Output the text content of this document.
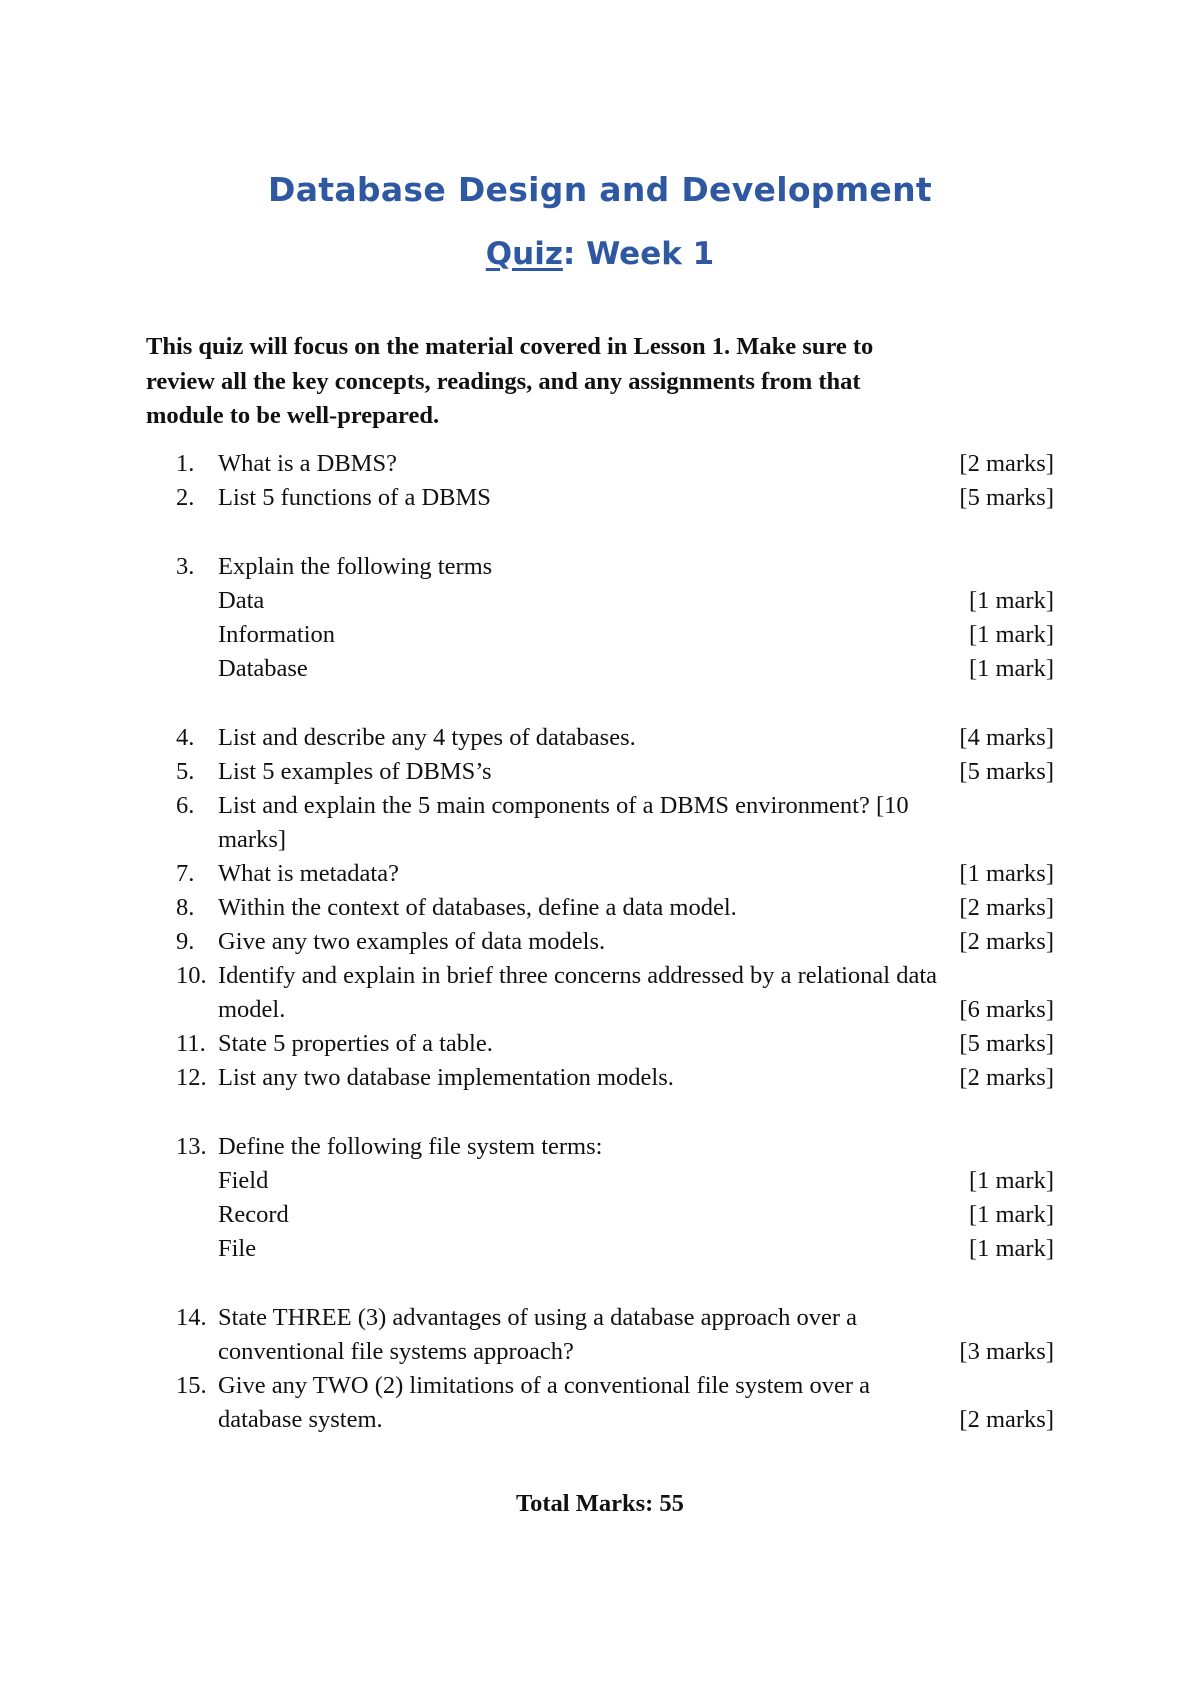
Database Design and Development
Quiz: Week 1
This quiz will focus on the material covered in Lesson 1. Make sure to
review all the key concepts, readings, and any assignments from that
module to be well-prepared.
1. What is a DBMS?	[2 marks]
2. List 5 functions of a DBMS	[5 marks]
3. Explain the following terms
Data	[1 mark]
Information	[1 mark]
Database	[1 mark]
4. List and describe any 4 types of databases.	[4 marks]
5. List 5 examples of DBMS’s	[5 marks]
6. List and explain the 5 main components of a DBMS environment? [10
marks]
7. What is metadata?	[1 marks]
8. Within the context of databases, define a data model.	[2 marks]
9. Give any two examples of data models.	[2 marks]
10. Identify and explain in brief three concerns addressed by a relational data
model.	[6 marks]
11. State 5 properties of a table.	[5 marks]
12. List any two database implementation models.	[2 marks]
13. Define the following file system terms:
Field	[1 mark]
Record	[1 mark]
File	[1 mark]
14. State THREE (3) advantages of using a database approach over a
conventional file systems approach?	[3 marks]
15. Give any TWO (2) limitations of a conventional file system over a
database system.	[2 marks]
Total Marks: 55
